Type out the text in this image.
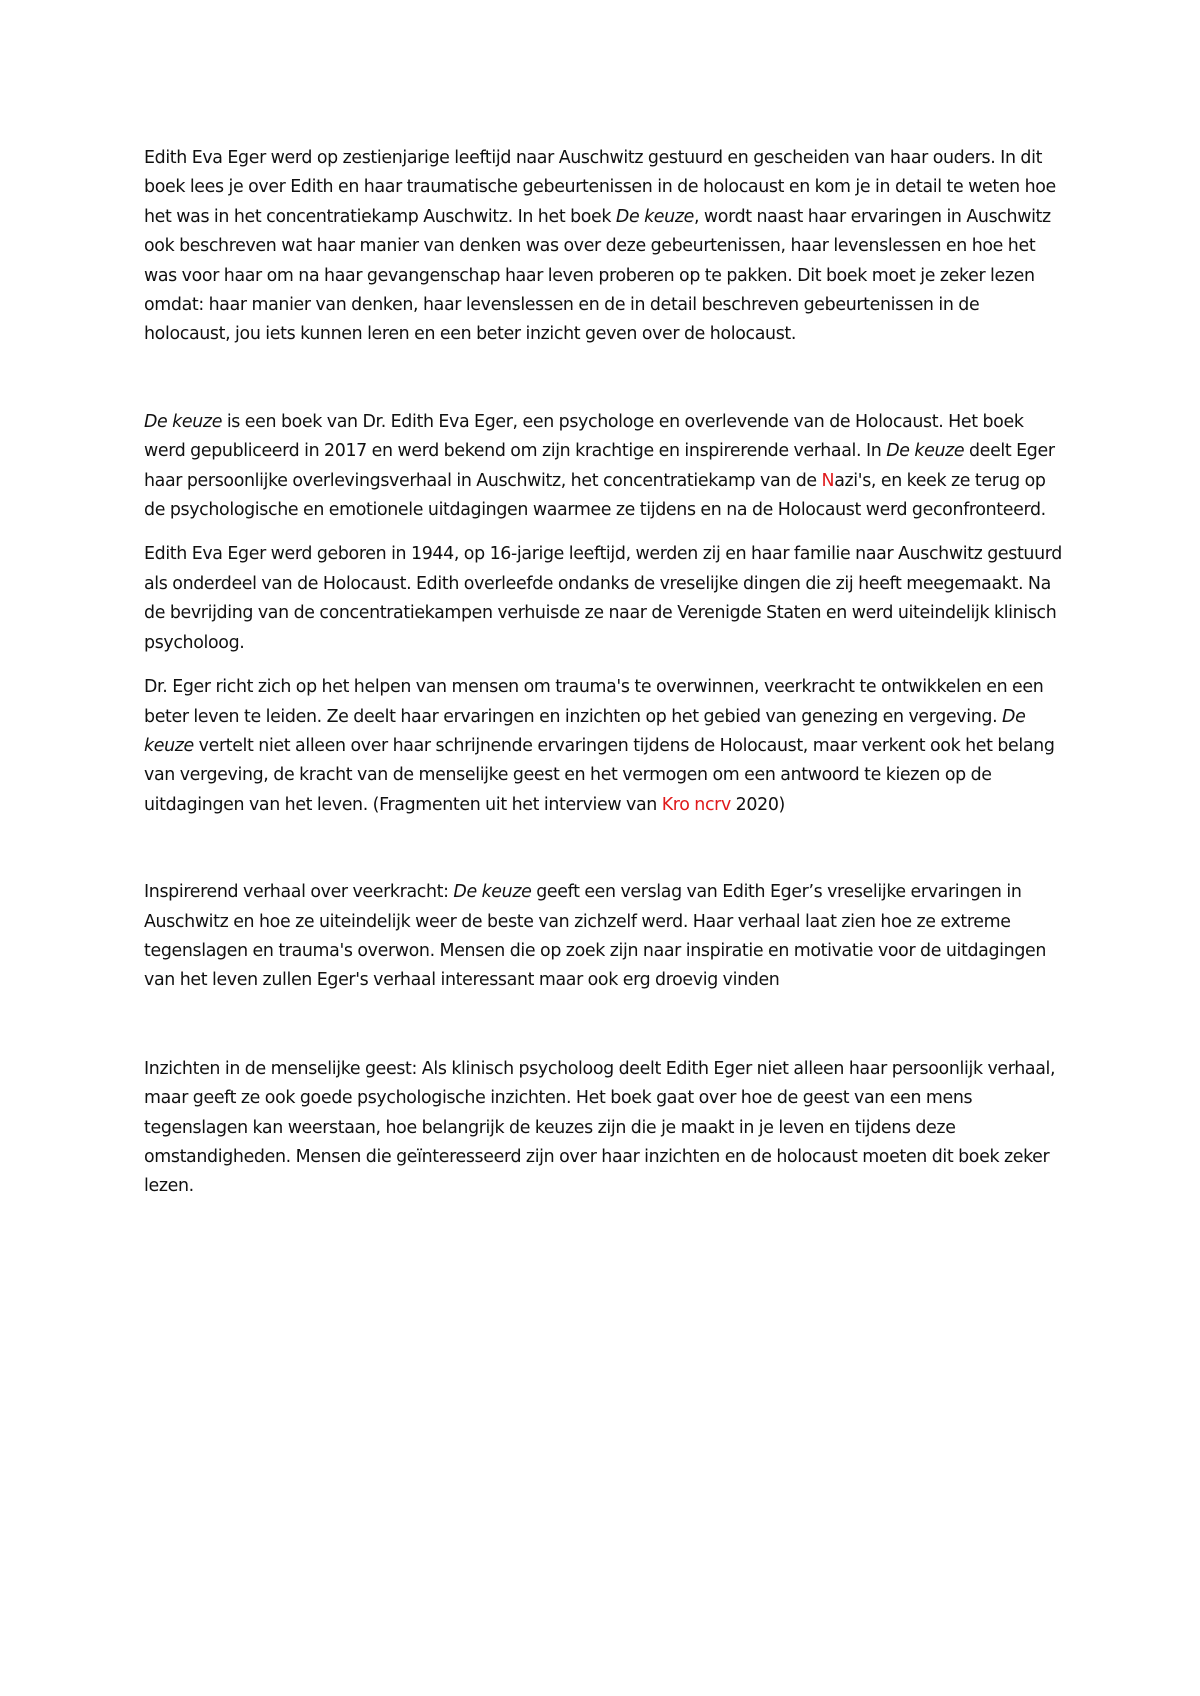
Edith Eva Eger werd op zestienjarige leeftijd naar Auschwitz gestuurd en gescheiden van haar ouders. In dit boek lees je over Edith en haar traumatische gebeurtenissen in de holocaust en kom je in detail te weten hoe het was in het concentratiekamp Auschwitz. In het boek De keuze, wordt naast haar ervaringen in Auschwitz ook beschreven wat haar manier van denken was over deze gebeurtenissen, haar levenslessen en hoe het was voor haar om na haar gevangenschap haar leven proberen op te pakken. Dit boek moet je zeker lezen omdat: haar manier van denken, haar levenslessen en de in detail beschreven gebeurtenissen in de holocaust, jou iets kunnen leren en een beter inzicht geven over de holocaust.

De keuze is een boek van Dr. Edith Eva Eger, een psychologe en overlevende van de Holocaust. Het boek werd gepubliceerd in 2017 en werd bekend om zijn krachtige en inspirerende verhaal. In De keuze deelt Eger haar persoonlijke overlevingsverhaal in Auschwitz, het concentratiekamp van de Nazi's, en keek ze terug op de psychologische en emotionele uitdagingen waarmee ze tijdens en na de Holocaust werd geconfronteerd.

Edith Eva Eger werd geboren in 1944, op 16-jarige leeftijd, werden zij en haar familie naar Auschwitz gestuurd als onderdeel van de Holocaust. Edith overleefde ondanks de vreselijke dingen die zij heeft meegemaakt. Na de bevrijding van de concentratiekampen verhuisde ze naar de Verenigde Staten en werd uiteindelijk klinisch psycholoog.

Dr. Eger richt zich op het helpen van mensen om trauma's te overwinnen, veerkracht te ontwikkelen en een beter leven te leiden. Ze deelt haar ervaringen en inzichten op het gebied van genezing en vergeving. De keuze vertelt niet alleen over haar schrijnende ervaringen tijdens de Holocaust, maar verkent ook het belang van vergeving, de kracht van de menselijke geest en het vermogen om een antwoord te kiezen op de uitdagingen van het leven. (Fragmenten uit het interview van Kro ncrv 2020)

Inspirerend verhaal over veerkracht: De keuze geeft een verslag van Edith Eger’s vreselijke ervaringen in Auschwitz en hoe ze uiteindelijk weer de beste van zichzelf werd. Haar verhaal laat zien hoe ze extreme tegenslagen en trauma's overwon. Mensen die op zoek zijn naar inspiratie en motivatie voor de uitdagingen van het leven zullen Eger's verhaal interessant maar ook erg droevig vinden

Inzichten in de menselijke geest: Als klinisch psycholoog deelt Edith Eger niet alleen haar persoonlijk verhaal, maar geeft ze ook goede psychologische inzichten. Het boek gaat over hoe de geest van een mens tegenslagen kan weerstaan, hoe belangrijk de keuzes zijn die je maakt in je leven en tijdens deze omstandigheden. Mensen die geïnteresseerd zijn over haar inzichten en de holocaust moeten dit boek zeker lezen.
